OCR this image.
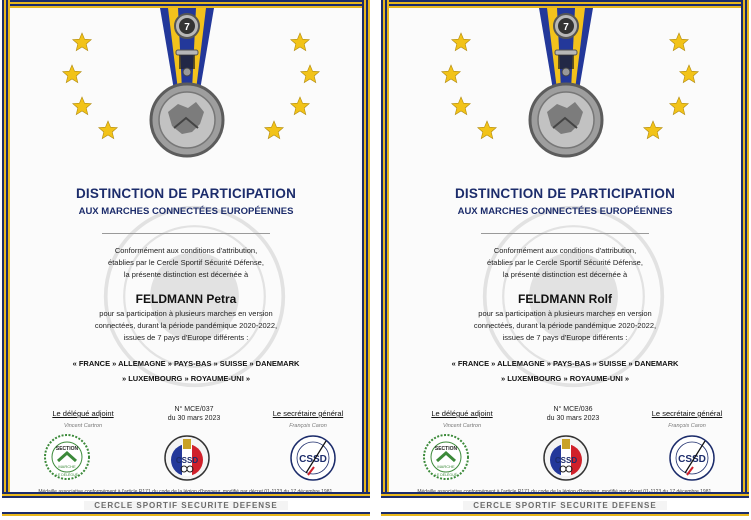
7
DISTINCTION DE PARTICIPATION
AUX MARCHES CONNECTÉES EUROPÉENNES
Conformément aux conditions d'attribution,
établies par le Cercle Sportif Sécurité Défense,
la présente distinction est décernée à
FELDMANN Petra
pour sa participation à plusieurs marches en version
connectées, durant la période pandémique 2020-2022,
issues de 7 pays d'Europe différents :
« FRANCE » ALLEMAGNE » PAYS-BAS » SUISSE » DANEMARK
» LUXEMBOURG » ROYAUME-UNI »
Le délégué adjoint
Vincent Cartron
N° MCE/037
du 30 mars 2023
Le secrétaire général
François Caron
SECTION
MARCHE
LE DÉLÉGUÉ
CSSD	CSSD
CERCLE SPORTIF SECURITE DEFENSE
7
DISTINCTION DE PARTICIPATION
AUX MARCHES CONNECTÉES EUROPÉENNES
Conformément aux conditions d'attribution,
établies par le Cercle Sportif Sécurité Défense,
la présente distinction est décernée à
FELDMANN Rolf
pour sa participation à plusieurs marches en version
connectées, durant la période pandémique 2020-2022,
issues de 7 pays d'Europe différents :
« FRANCE » ALLEMAGNE » PAYS-BAS » SUISSE » DANEMARK
» LUXEMBOURG » ROYAUME-UNI »
Le délégué adjoint
Vincent Cartron
N° MCE/036
du 30 mars 2023
Le secrétaire général
François Caron
SECTION
MARCHE
LE DÉLÉGUÉ
CSSD	CSSD
CERCLE SPORTIF SECURITE DEFENSE
